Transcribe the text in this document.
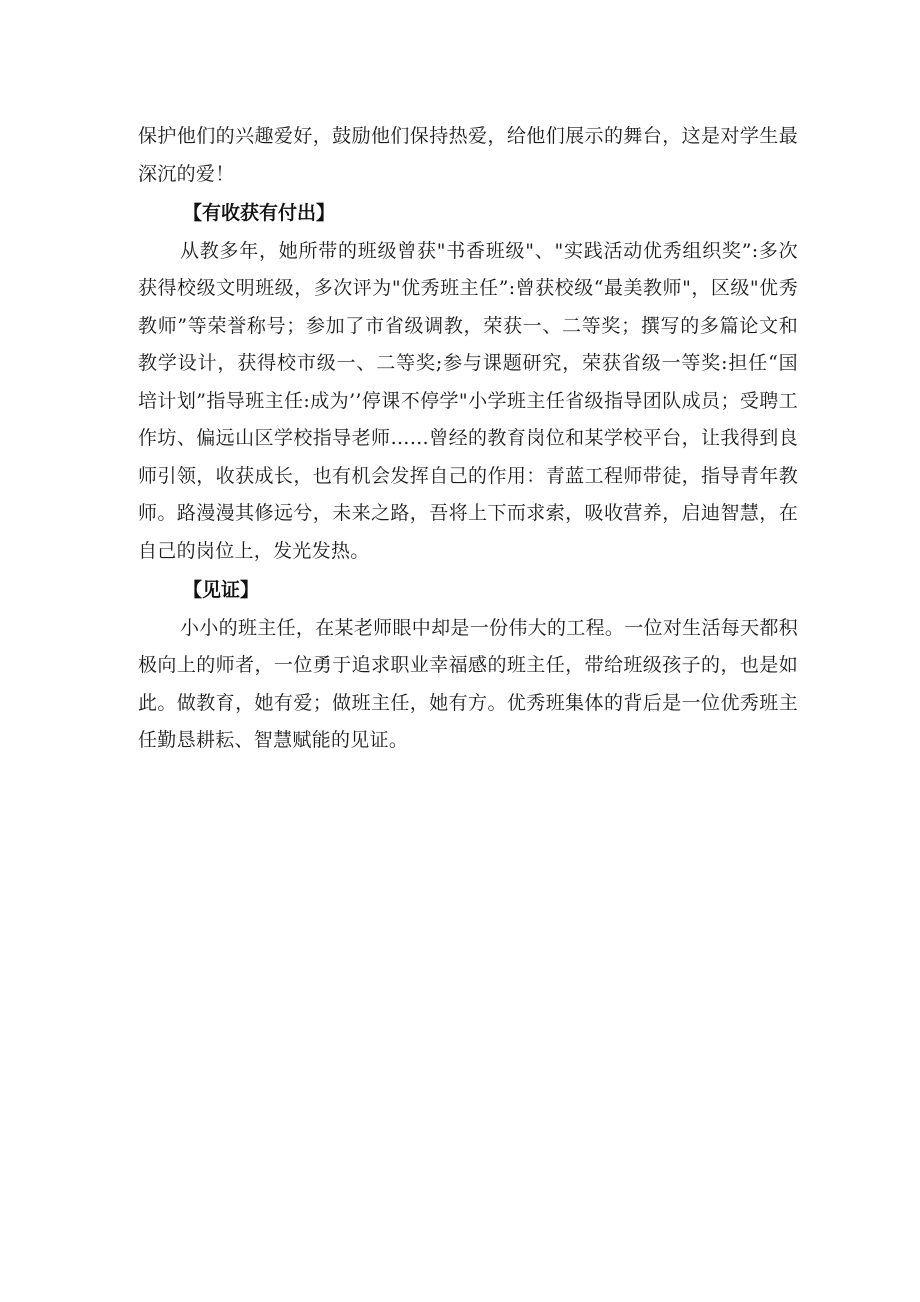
保护他们的兴趣爱好，鼓励他们保持热爱，给他们展示的舞台，这是对学生最深沉的爱！

【有收获有付出】

从教多年，她所带的班级曾获"书香班级"、"实践活动优秀组织奖”:多次获得校级文明班级，多次评为"优秀班主任”:曾获校级“最美教师"，区级"优秀教师”等荣誉称号；参加了市省级调教，荣获一、二等奖；撰写的多篇论文和教学设计，获得校市级一、二等奖;参与课题研究，荣获省级一等奖:担任“国培计划”指导班主任:成为’’停课不停学"小学班主任省级指导团队成员；受聘工作坊、偏远山区学校指导老师……曾经的教育岗位和某学校平台，让我得到良师引领，收获成长，也有机会发挥自己的作用：青蓝工程师带徒，指导青年教师。路漫漫其修远兮，未来之路，吾将上下而求索，吸收营养，启迪智慧，在自己的岗位上，发光发热。

【见证】

小小的班主任，在某老师眼中却是一份伟大的工程。一位对生活每天都积极向上的师者，一位勇于追求职业幸福感的班主任，带给班级孩子的，也是如此。做教育，她有爱；做班主任，她有方。优秀班集体的背后是一位优秀班主任勤恳耕耘、智慧赋能的见证。
